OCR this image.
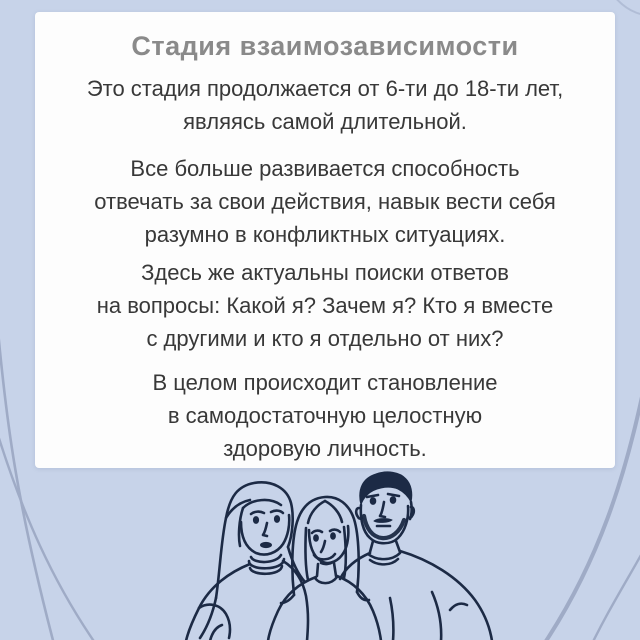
Стадия взаимозависимости

Это стадия продолжается от 6-ти до 18-ти лет,
являясь самой длительной.

Все больше развивается способность
отвечать за свои действия, навык вести себя
разумно в конфликтных ситуациях.

Здесь же актуальны поиски ответов
на вопросы: Какой я? Зачем я? Кто я вместе
с другими и кто я отдельно от них?

В целом происходит становление
в самодостаточную целостную
здоровую личность.
